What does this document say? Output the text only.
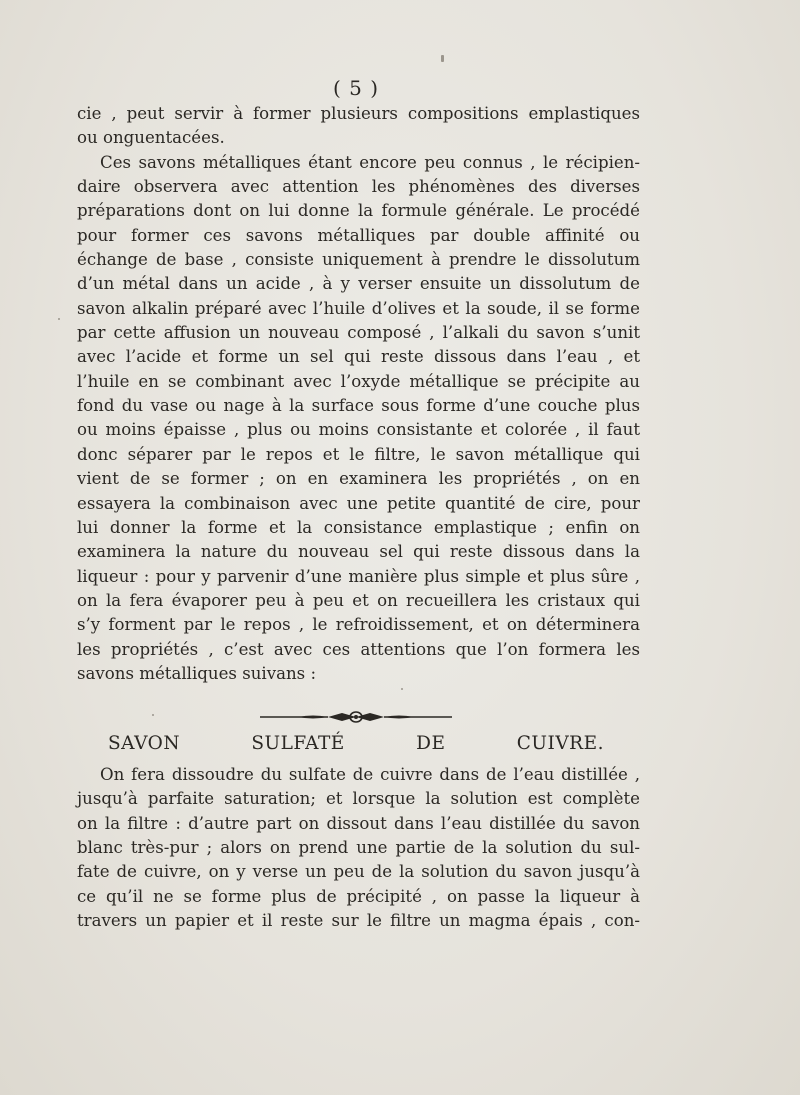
( 5 )
cie , peut servir à former plusieurs compositions emplastiques
ou onguentacées.
Ces savons métalliques étant encore peu connus , le récipien-
daire observera avec attention les phénomènes des diverses
préparations dont on lui donne la formule générale. Le procédé
pour former ces savons métalliques par double affinité ou
échange de base , consiste uniquement à prendre le dissolutum
d’un métal dans un acide , à y verser ensuite un dissolutum de
savon alkalin préparé avec l’huile d’olives et la soude, il se forme
par cette affusion un nouveau composé , l’alkali du savon s’unit
avec l’acide et forme un sel qui reste dissous dans l’eau , et
l’huile en se combinant avec l’oxyde métallique se précipite au
fond du vase ou nage à la surface sous forme d’une couche plus
ou moins épaisse , plus ou moins consistante et colorée , il faut
donc séparer par le repos et le filtre, le savon métallique qui
vient de se former ; on en examinera les propriétés , on en
essayera la combinaison avec une petite quantité de cire, pour
lui donner la forme et la consistance emplastique ; enfin on
examinera la nature du nouveau sel qui reste dissous dans la
liqueur : pour y parvenir d’une manière plus simple et plus sûre ,
on la fera évaporer peu à peu et on recueillera les cristaux qui
s’y forment par le repos , le refroidissement, et on déterminera
les propriétés , c’est avec ces attentions que l’on formera les
savons métalliques suivans :
SAVON SULFATÉ DE CUIVRE.
On fera dissoudre du sulfate de cuivre dans de l’eau distillée ,
jusqu’à parfaite saturation; et lorsque la solution est complète
on la filtre : d’autre part on dissout dans l’eau distillée du savon
blanc très-pur ; alors on prend une partie de la solution du sul-
fate de cuivre, on y verse un peu de la solution du savon jusqu’à
ce qu’il ne se forme plus de précipité , on passe la liqueur à
travers un papier et il reste sur le filtre un magma épais , con-
